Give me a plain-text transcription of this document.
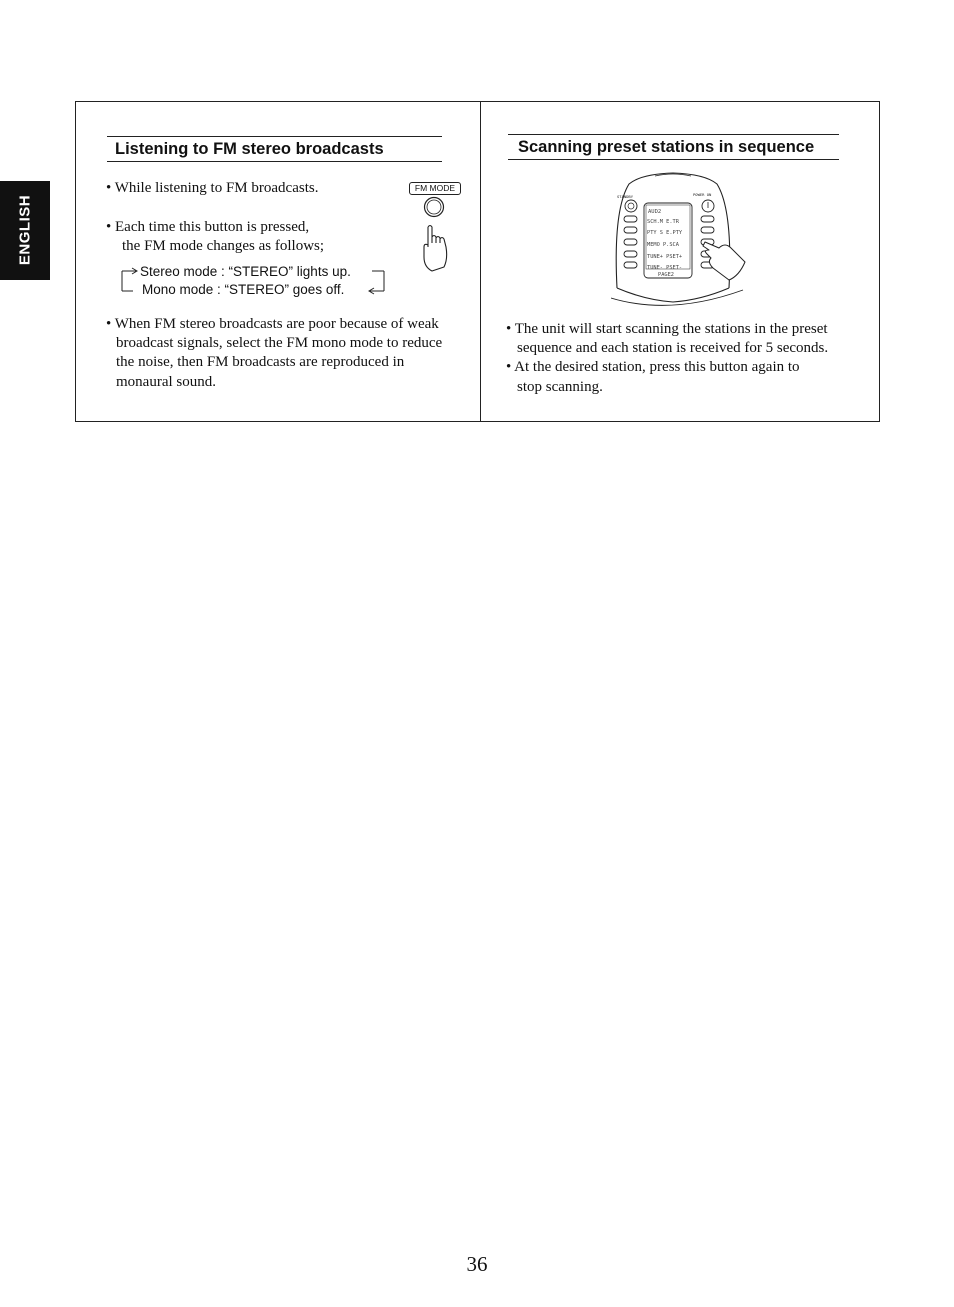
ENGLISH
Listening to FM stereo broadcasts
• While listening to FM broadcasts.
• Each time this button is pressed,
the FM mode changes as follows;
Stereo mode : “STEREO” lights up.
Mono mode : “STEREO” goes off.
FM MODE
• When FM stereo broadcasts are poor because of weak
broadcast signals, select the FM mono mode to reduce
the noise, then FM broadcasts are reproduced in
monaural sound.
Scanning preset stations in sequence
STANDBY	POWER ON
AUD2
SCH.M E.TR
PTY S E.PTY
MEMO P.SCA
TUNE+ PSET+
TUNE- PSET-
PAGE2
• The unit will start scanning the stations in the preset
sequence and each station is received for 5 seconds.
• At the desired station, press this button again to
stop scanning.
36
